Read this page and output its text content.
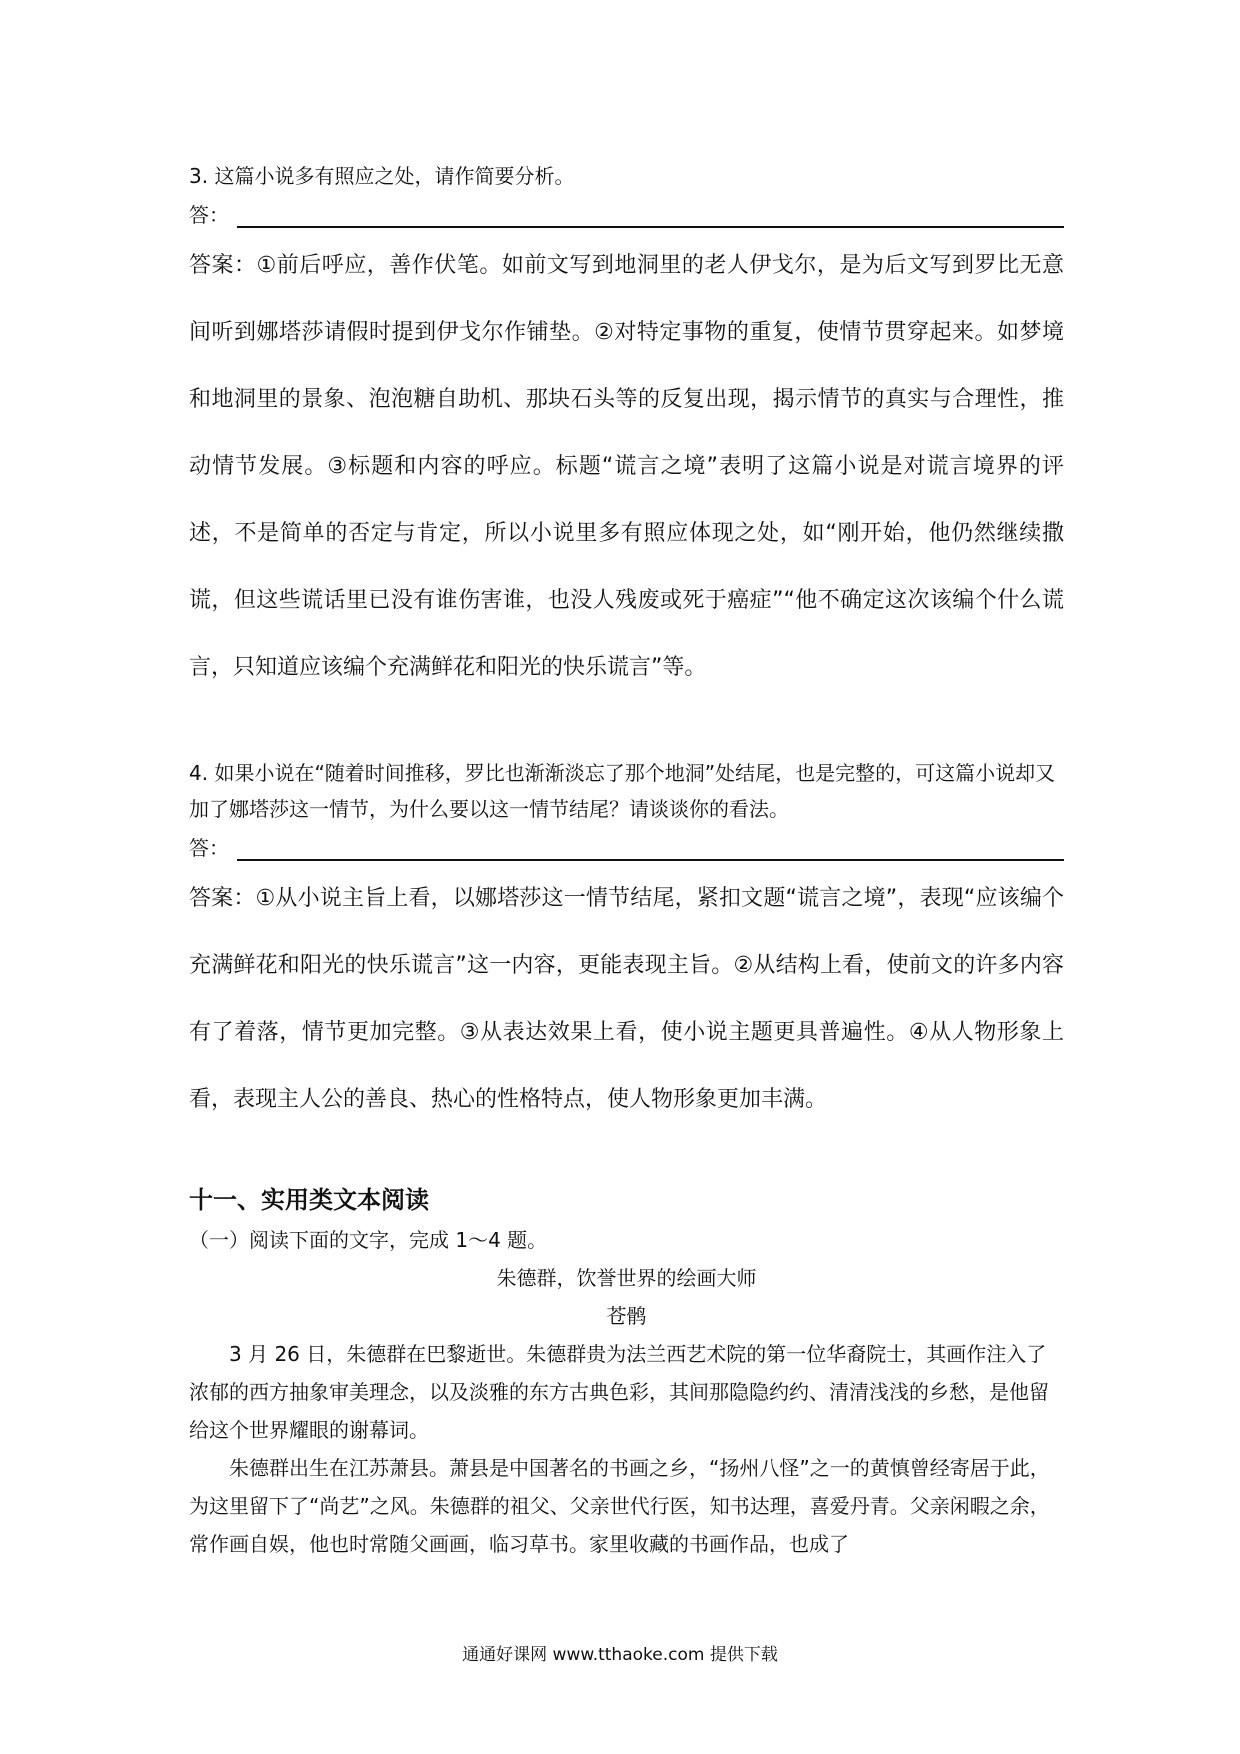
3. 这篇小说多有照应之处，请作简要分析。

答：

答案：①前后呼应，善作伏笔。如前文写到地洞里的老人伊戈尔，是为后文写到罗比无意间听到娜塔莎请假时提到伊戈尔作铺垫。②对特定事物的重复，使情节贯穿起来。如梦境和地洞里的景象、泡泡糖自助机、那块石头等的反复出现，揭示情节的真实与合理性，推动情节发展。③标题和内容的呼应。标题“谎言之境”表明了这篇小说是对谎言境界的评述，不是简单的否定与肯定，所以小说里多有照应体现之处，如“刚开始，他仍然继续撒谎，但这些谎话里已没有谁伤害谁，也没人残废或死于癌症”“他不确定这次该编个什么谎言，只知道应该编个充满鲜花和阳光的快乐谎言”等。

4. 如果小说在“随着时间推移，罗比也渐渐淡忘了那个地洞”处结尾，也是完整的，可这篇小说却又加了娜塔莎这一情节，为什么要以这一情节结尾？请谈谈你的看法。

答：

答案：①从小说主旨上看，以娜塔莎这一情节结尾，紧扣文题“谎言之境”，表现“应该编个充满鲜花和阳光的快乐谎言”这一内容，更能表现主旨。②从结构上看，使前文的许多内容有了着落，情节更加完整。③从表达效果上看，使小说主题更具普遍性。④从人物形象上看，表现主人公的善良、热心的性格特点，使人物形象更加丰满。

十一、实用类文本阅读

（一）阅读下面的文字，完成 1～4 题。

朱德群，饮誉世界的绘画大师

苍鹘

3 月 26 日，朱德群在巴黎逝世。朱德群贵为法兰西艺术院的第一位华裔院士，其画作注入了浓郁的西方抽象审美理念，以及淡雅的东方古典色彩，其间那隐隐约约、清清浅浅的乡愁，是他留给这个世界耀眼的谢幕词。

朱德群出生在江苏萧县。萧县是中国著名的书画之乡，“扬州八怪”之一的黄慎曾经寄居于此，为这里留下了“尚艺”之风。朱德群的祖父、父亲世代行医，知书达理，喜爱丹青。父亲闲暇之余，常作画自娱，他也时常随父画画，临习草书。家里收藏的书画作品，也成了

通通好课网 www.tthaoke.com 提供下载
